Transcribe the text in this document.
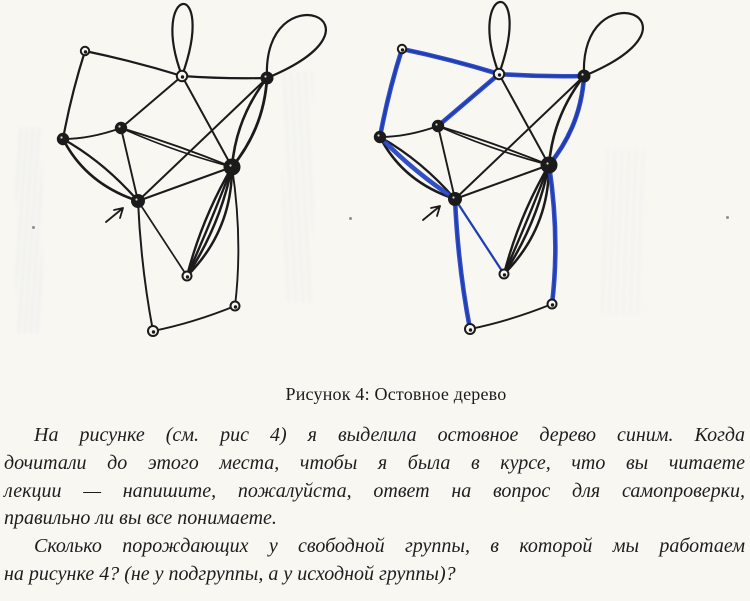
Рисунок 4: Остовное дерево
На рисунке (см. рис 4) я выделила остовное дерево синим. Когда
дочитали до этого места, чтобы я была в курсе, что вы читаете
лекции — напишите, пожалуйста, ответ на вопрос для самопроверки,
правильно ли вы все понимаете.
Сколько порождающих у свободной группы, в которой мы работаем
на рисунке 4? (не у подгруппы, а у исходной группы)?
